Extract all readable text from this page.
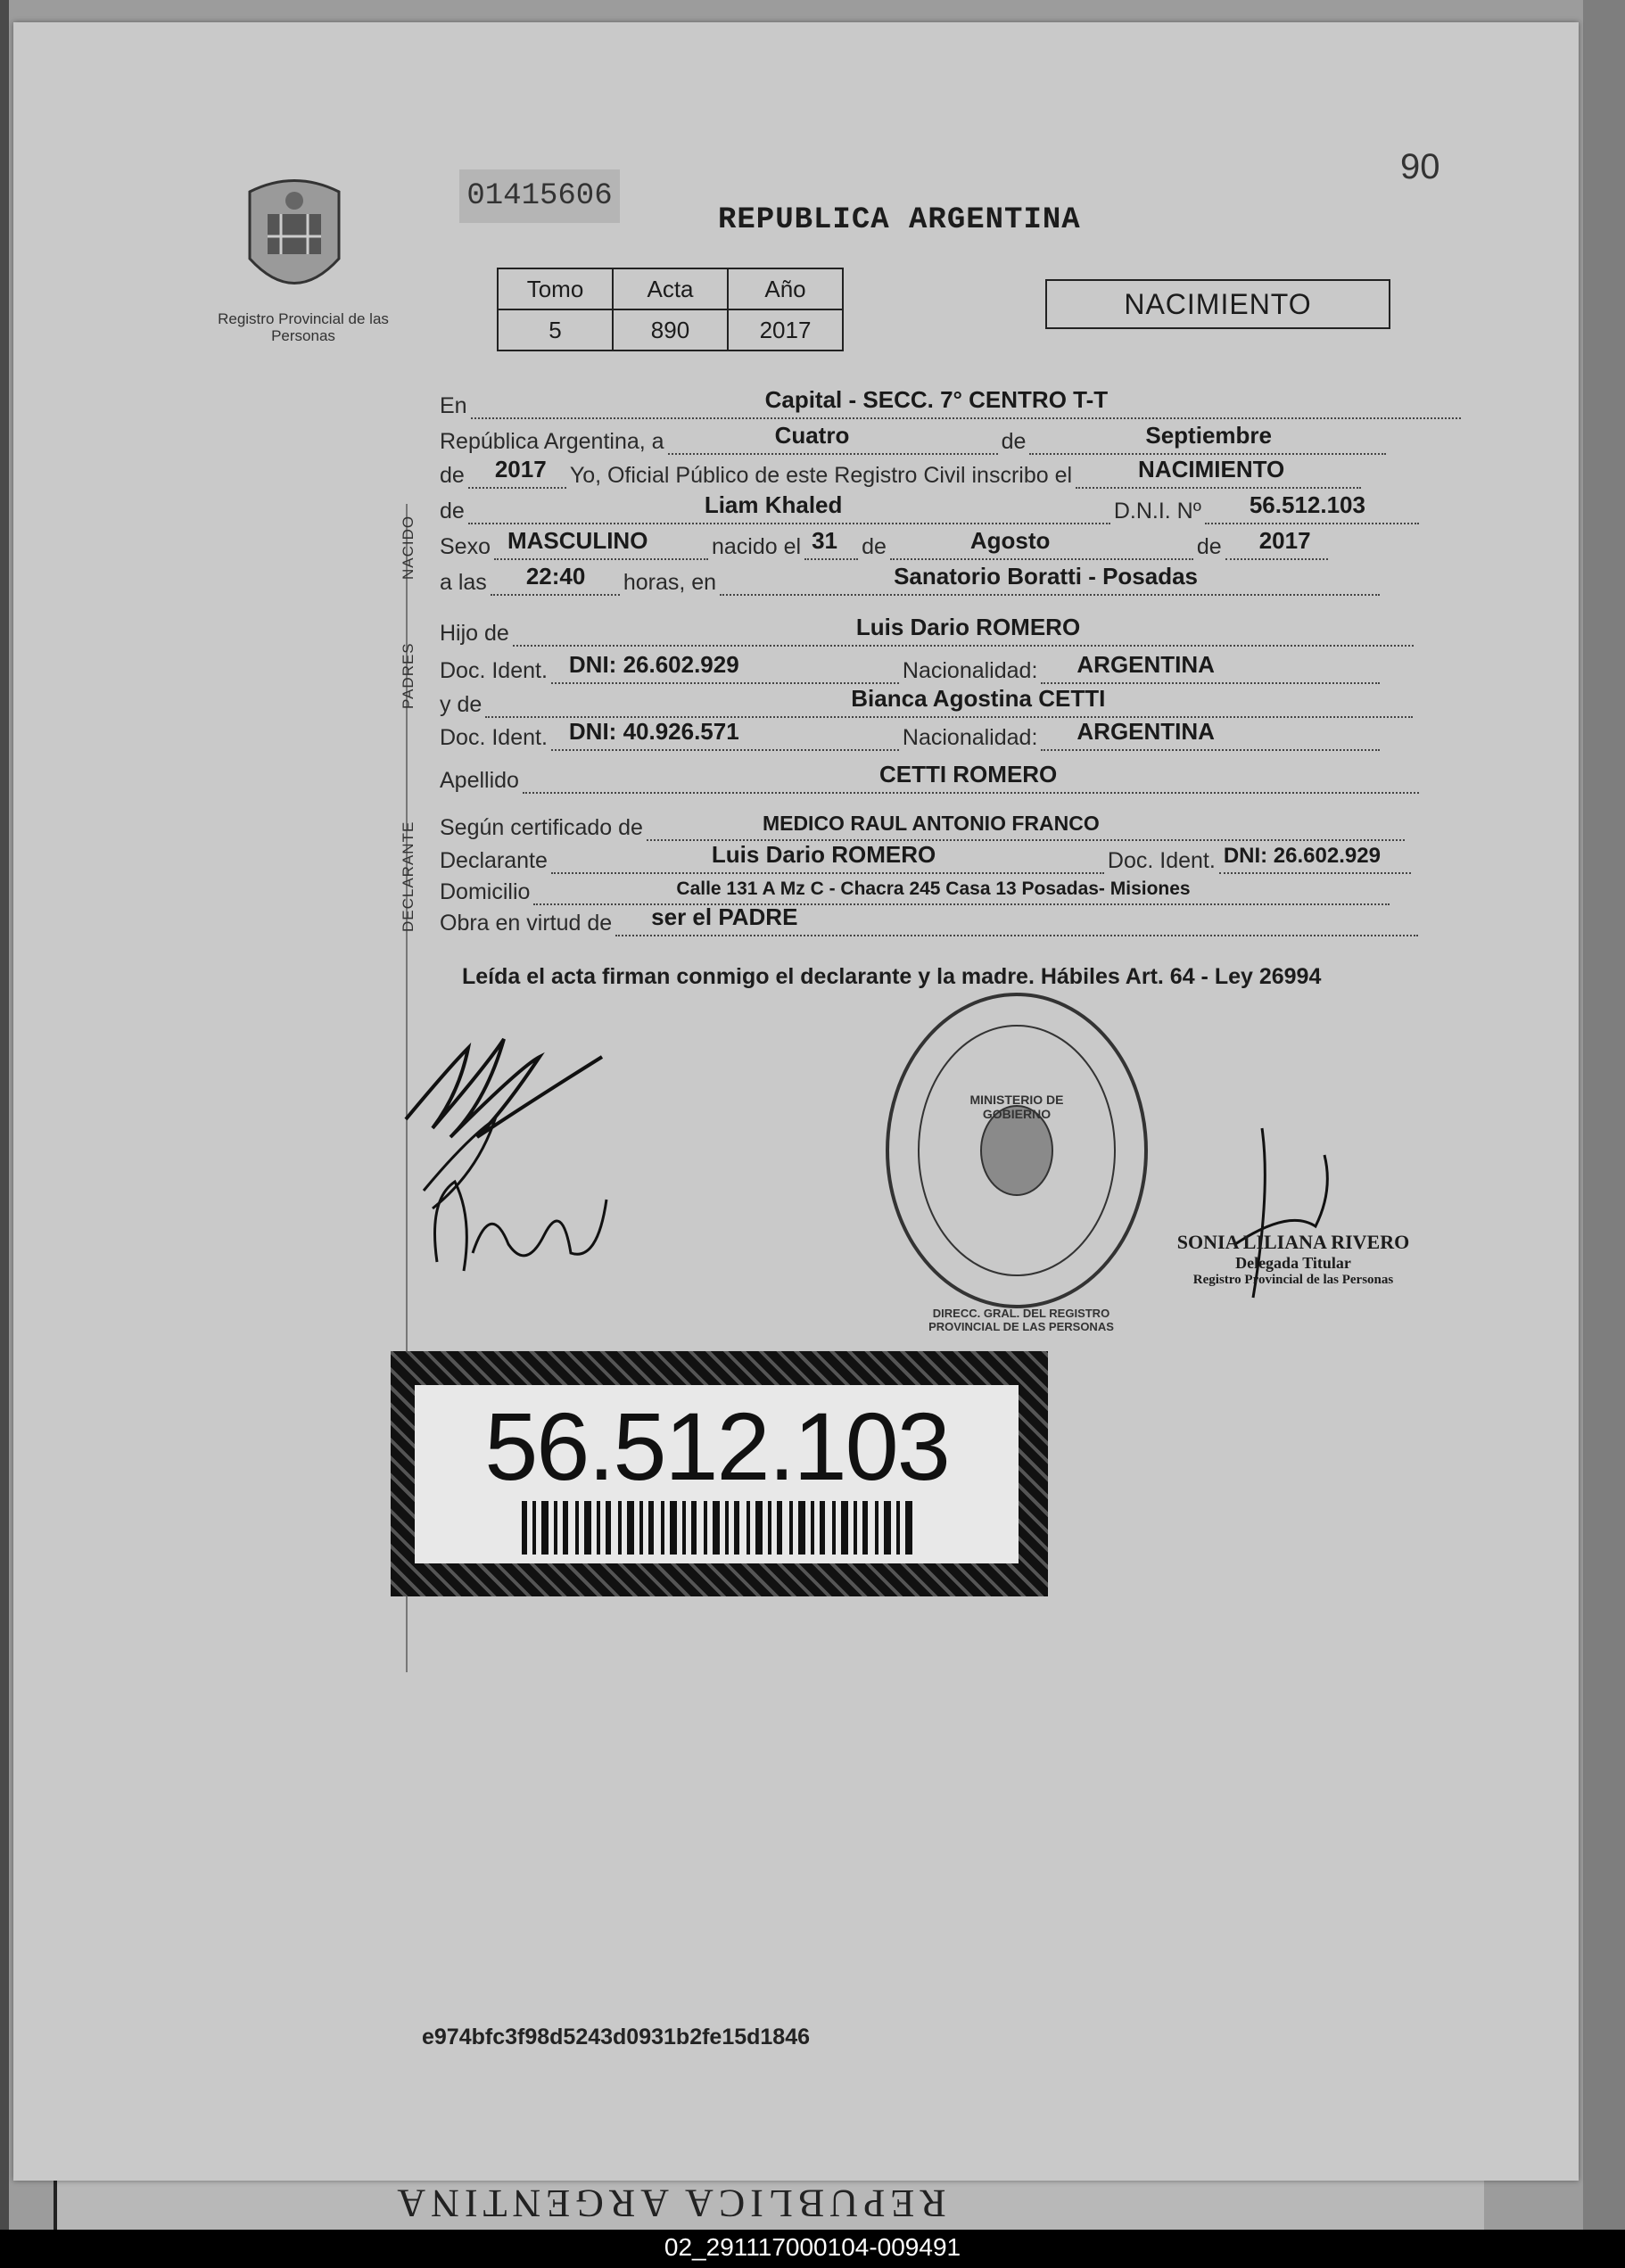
REPUBLICA ARGENTINA
90
01415606
REPUBLICA ARGENTINA
Registro Provincial de las Personas
Tomo	Acta	Año
5	890	2017
NACIMIENTO
NACIDO
PADRES
DECLARANTE
En	Capital - SECC. 7° CENTRO T-T
República Argentina, a	Cuatro	de	Septiembre
de 2017 Yo, Oficial Público de este Registro Civil inscribo el	NACIMIENTO
de	Liam Khaled	D.N.I. Nº 56.512.103
Sexo MASCULINO	nacido el 31 de	Agosto	de 2017
a las 22:40 horas, en	Sanatorio Boratti - Posadas
Hijo de	Luis Dario ROMERO
Doc. Ident. DNI: 26.602.929	Nacionalidad: ARGENTINA
y de	Bianca Agostina CETTI
Doc. Ident. DNI: 40.926.571	Nacionalidad: ARGENTINA
Apellido	CETTI ROMERO
Según certificado de	MEDICO RAUL ANTONIO FRANCO
Declarante	Luis Dario ROMERO	Doc. Ident. DNI: 26.602.929
Domicilio	Calle 131 A Mz C - Chacra 245 Casa 13 Posadas- Misiones
Obra en virtud de ser el PADRE
Leída el acta firman conmigo el declarante y la madre. Hábiles Art. 64 - Ley 26994
MINISTERIO DE GOBIERNO
DIRECC. GRAL. DEL REGISTRO PROVINCIAL DE LAS PERSONAS
SONIA LILIANA RIVERO
Delegada Titular
Registro Provincial de las Personas
56.512.103
e974bfc3f98d5243d0931b2fe15d1846
02_291117000104-009491
